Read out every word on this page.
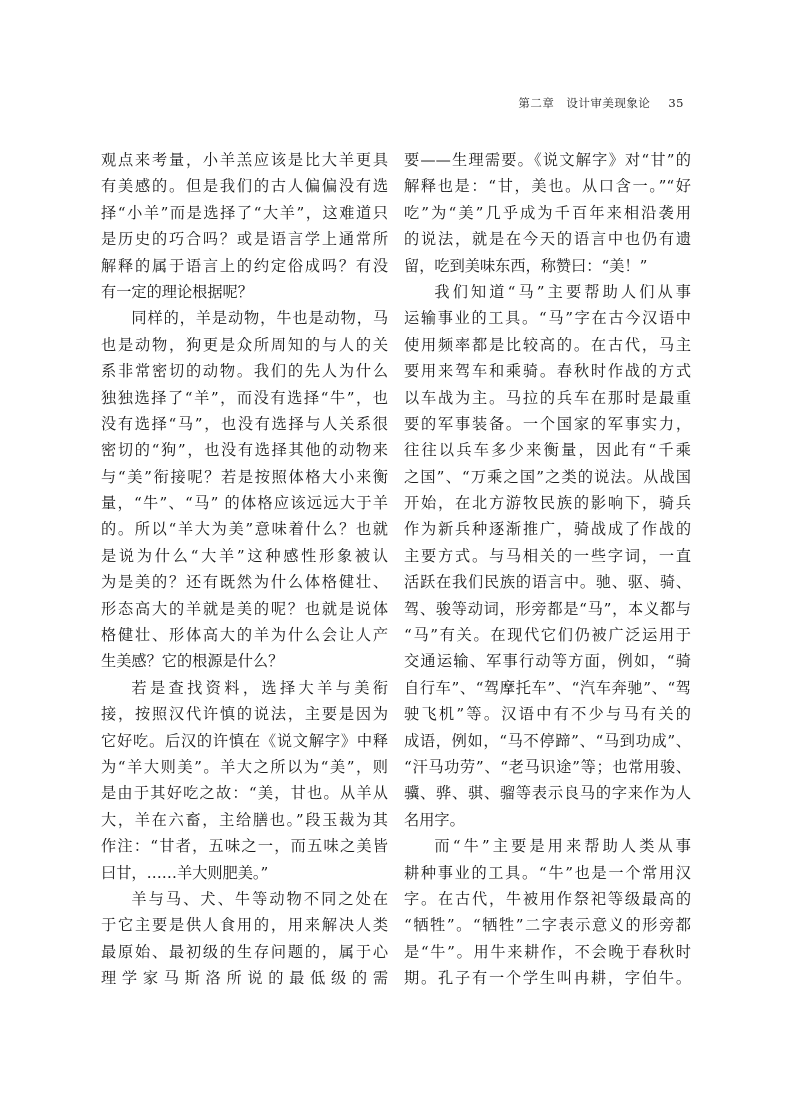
第二章　设计审美现象论 35

观点来考量，小羊羔应该是比大羊更具

有美感的。但是我们的古人偏偏没有选

择“小羊”而是选择了“大羊”，这难道只

是历史的巧合吗？或是语言学上通常所

解释的属于语言上的约定俗成吗？有没

有一定的理论根据呢？

同样的，羊是动物，牛也是动物，马

也是动物，狗更是众所周知的与人的关

系非常密切的动物。我们的先人为什么

独独选择了“羊”，而没有选择“牛”，也

没有选择“马”，也没有选择与人关系很

密切的“狗”，也没有选择其他的动物来

与“美”衔接呢？若是按照体格大小来衡

量，“牛”、“马” 的体格应该远远大于羊

的。所以“羊大为美”意味着什么？也就

是说为什么“大羊”这种感性形象被认

为是美的？还有既然为什么体格健壮、

形态高大的羊就是美的呢？也就是说体

格健壮、形体高大的羊为什么会让人产

生美感？它的根源是什么？

若是查找资料，选择大羊与美衔

接，按照汉代许慎的说法，主要是因为

它好吃。后汉的许慎在《说文解字》中释

为“羊大则美”。羊大之所以为“美”，则

是由于其好吃之故：“美，甘也。从羊从

大，羊在六畜，主给膳也。”段玉裁为其

作注：“甘者，五味之一，而五味之美皆

曰甘，……羊大则肥美。”

羊与马、犬、牛等动物不同之处在

于它主要是供人食用的，用来解决人类

最原始、最初级的生存问题的，属于心

理学家马斯洛所说的最低级的需

要——生理需要。《说文解字》对“甘”的

解释也是：“甘，美也。从口含一。”“好

吃”为“美”几乎成为千百年来相沿袭用

的说法，就是在今天的语言中也仍有遗

留，吃到美味东西，称赞曰：“美！”

我们知道“马”主要帮助人们从事

运输事业的工具。“马”字在古今汉语中

使用频率都是比较高的。在古代，马主

要用来驾车和乘骑。春秋时作战的方式

以车战为主。马拉的兵车在那时是最重

要的军事装备。一个国家的军事实力，

往往以兵车多少来衡量，因此有“千乘

之国”、“万乘之国”之类的说法。从战国

开始，在北方游牧民族的影响下，骑兵

作为新兵种逐渐推广，骑战成了作战的

主要方式。与马相关的一些字词，一直

活跃在我们民族的语言中。驰、驱、骑、

驾、骏等动词，形旁都是“马”，本义都与

“马”有关。在现代它们仍被广泛运用于

交通运输、军事行动等方面，例如，“骑

自行车”、“驾摩托车”、“汽车奔驰”、“驾

驶飞机”等。汉语中有不少与马有关的

成语，例如，“马不停蹄”、“马到功成”、

“汗马功劳”、“老马识途”等；也常用骏、

骥、骅、骐、骝等表示良马的字来作为人

名用字。

而“牛”主要是用来帮助人类从事

耕种事业的工具。“牛”也是一个常用汉

字。在古代，牛被用作祭祀等级最高的

“牺牲”。“牺牲”二字表示意义的形旁都

是“牛”。用牛来耕作，不会晚于春秋时

期。孔子有一个学生叫冉耕，字伯牛。
